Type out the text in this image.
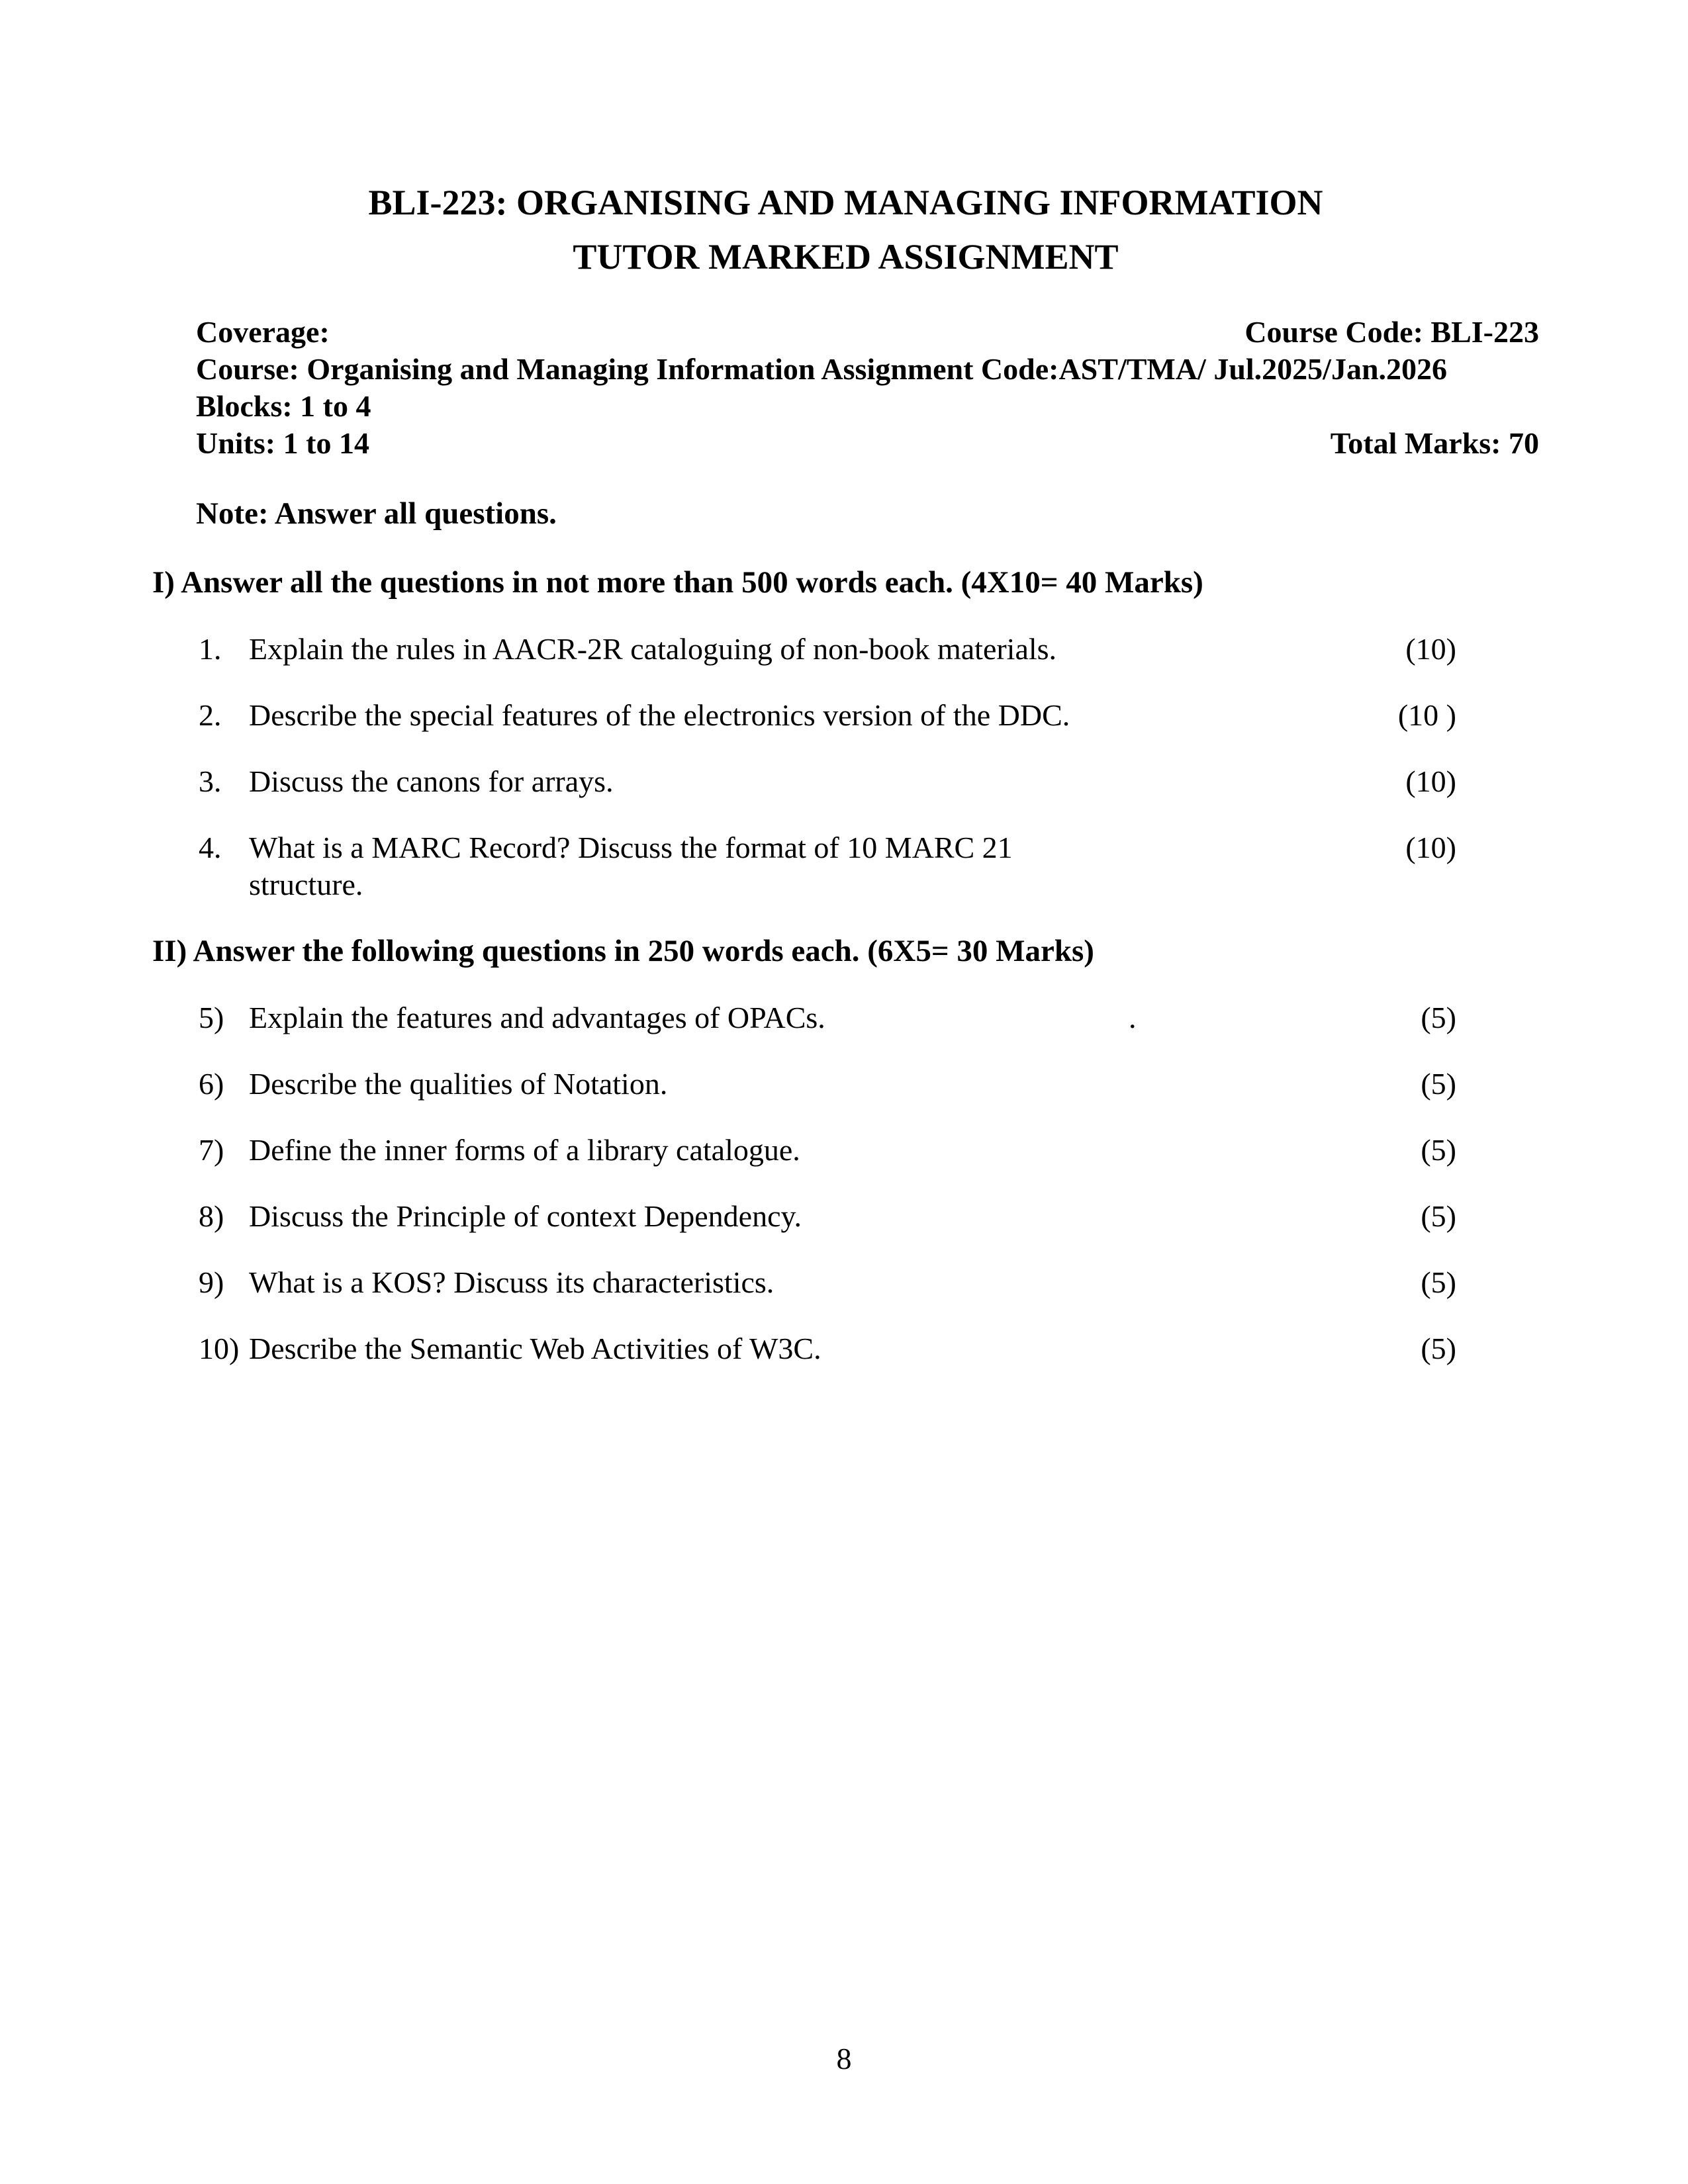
BLI-223: ORGANISING AND MANAGING INFORMATION
TUTOR MARKED ASSIGNMENT
Coverage:	Course Code: BLI-223
Course: Organising and Managing Information Assignment Code:AST/TMA/ Jul.2025/Jan.2026
Blocks: 1 to 4
Units: 1 to 14	Total Marks: 70
Note: Answer all questions.
I) Answer all the questions in not more than 500 words each. (4X10= 40 Marks)
1. Explain the rules in AACR-2R cataloguing of non-book materials.	(10)
2. Describe the special features of the electronics version of the DDC.	(10 )
3. Discuss the canons for arrays.	(10)
4. What is a MARC Record? Discuss the format of 10 MARC 21 structure.
(10)
II) Answer the following questions in 250 words each. (6X5= 30 Marks)
5) Explain the features and advantages of OPACs.	.	(5)
6) Describe the qualities of Notation.	(5)
7) Define the inner forms of a library catalogue.	(5)
8) Discuss the Principle of context Dependency.	(5)
9) What is a KOS? Discuss its characteristics.	(5)
10) Describe the Semantic Web Activities of W3C.	(5)
8
